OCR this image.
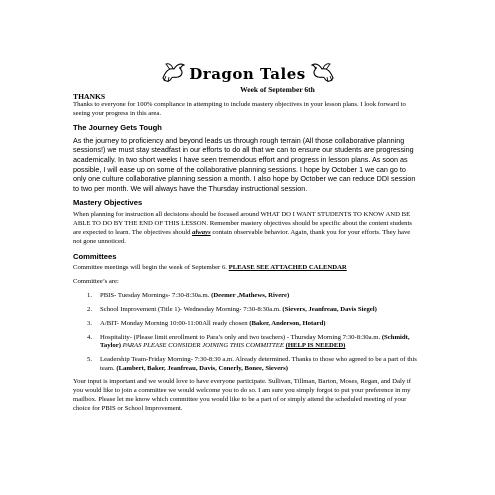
Dragon Tales
Week of September 6th

THANKS

Thanks to everyone for 100% compliance in attempting to include mastery objectives in your lesson plans. I look forward to seeing your progress in this area.

The Journey Gets Tough

As the journey to proficiency and beyond leads us through rough terrain (All those collaborative planning sessions!) we must stay steadfast in our efforts to do all that we can to ensure our students are progressing academically. In two short weeks I have seen tremendous effort and progress in lesson plans. As soon as possible, I will ease up on some of the collaborative planning sessions. I hope by October 1 we can go to only one culture collaborative planning session a month. I also hope by October we can reduce DDI session to two per month. We will always have the Thursday instructional session.

Mastery Objectives

When planning for instruction all decisions should be focused around WHAT DO I WANT STUDENTS TO KNOW AND BE ABLE TO DO BY THE END OF THIS LESSON. Remember mastery objectives should be specific about the content students are expected to learn. The objectives should always contain observable behavior. Again, thank you for your efforts. They have not gone unnoticed.

Committees

Committee meetings will begin the week of September 6. PLEASE SEE ATTACHED CALENDAR

Committee’s are:

1. PBIS- Tuesday Mornings- 7:30-8:30a.m. (Deemer ,Mathews, Rivere)
2. School Improvement (Title 1)- Wednesday Morning- 7:30-8:30a.m. (Sievers, Jeanfreau, Davis Siegel)
3. A/BIT- Monday Morning 10:00-11:00All ready chosen (Baker, Anderson, Hotard)
4. Hospitality- (Please limit enrollment to Para’s only and two teachers) - Thursday Morning 7:30-8:30a.m. (Schmidt, Taylor) PARAS PLEASE CONSIDER JOINING THIS COMMITTEE (HELP IS NEEDED)
5. Leadership Team-Friday Morning- 7:30-8:30 a.m. Already determined. Thanks to those who agreed to be a part of this team. (Lambert, Baker, Jeanfreau, Davis, Conerly, Bonee, Sievers)

Your input is important and we would love to have everyone participate. Sullivan, Tillman, Barton, Moses, Regan, and Daly if you would like to join a committee we would welcome you to do so. I am sure you simply forgot to put your preference in my mailbox. Please let me know which committee you would like to be a part of or simply attend the scheduled meeting of your choice for PBIS or School Improvement.
